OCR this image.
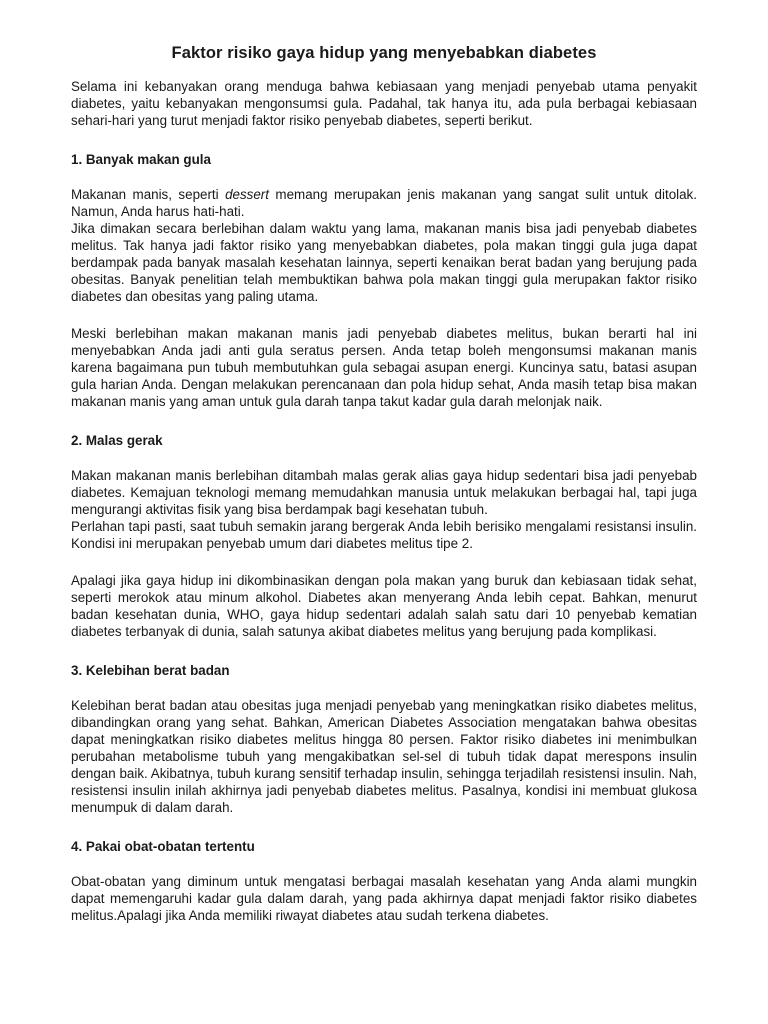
Faktor risiko gaya hidup yang menyebabkan diabetes

Selama ini kebanyakan orang menduga bahwa kebiasaan yang menjadi penyebab utama penyakit diabetes, yaitu kebanyakan mengonsumsi gula. Padahal, tak hanya itu, ada pula berbagai kebiasaan sehari-hari yang turut menjadi faktor risiko penyebab diabetes, seperti berikut.

1. Banyak makan gula

Makanan manis, seperti dessert memang merupakan jenis makanan yang sangat sulit untuk ditolak. Namun, Anda harus hati-hati.

Jika dimakan secara berlebihan dalam waktu yang lama, makanan manis bisa jadi penyebab diabetes melitus. Tak hanya jadi faktor risiko yang menyebabkan diabetes, pola makan tinggi gula juga dapat berdampak pada banyak masalah kesehatan lainnya, seperti kenaikan berat badan yang berujung pada obesitas. Banyak penelitian telah membuktikan bahwa pola makan tinggi gula merupakan faktor risiko diabetes dan obesitas yang paling utama.

Meski berlebihan makan makanan manis jadi penyebab diabetes melitus, bukan berarti hal ini menyebabkan Anda jadi anti gula seratus persen. Anda tetap boleh mengonsumsi makanan manis karena bagaimana pun tubuh membutuhkan gula sebagai asupan energi. Kuncinya satu, batasi asupan gula harian Anda. Dengan melakukan perencanaan dan pola hidup sehat, Anda masih tetap bisa makan makanan manis yang aman untuk gula darah tanpa takut kadar gula darah melonjak naik.

2. Malas gerak

Makan makanan manis berlebihan ditambah malas gerak alias gaya hidup sedentari bisa jadi penyebab diabetes. Kemajuan teknologi memang memudahkan manusia untuk melakukan berbagai hal, tapi juga mengurangi aktivitas fisik yang bisa berdampak bagi kesehatan tubuh.

Perlahan tapi pasti, saat tubuh semakin jarang bergerak Anda lebih berisiko mengalami resistansi insulin. Kondisi ini merupakan penyebab umum dari diabetes melitus tipe 2.

Apalagi jika gaya hidup ini dikombinasikan dengan pola makan yang buruk dan kebiasaan tidak sehat, seperti merokok atau minum alkohol. Diabetes akan menyerang Anda lebih cepat. Bahkan, menurut badan kesehatan dunia, WHO, gaya hidup sedentari adalah salah satu dari 10 penyebab kematian diabetes terbanyak di dunia, salah satunya akibat diabetes melitus yang berujung pada komplikasi.

3. Kelebihan berat badan

Kelebihan berat badan atau obesitas juga menjadi penyebab yang meningkatkan risiko diabetes melitus, dibandingkan orang yang sehat. Bahkan, American Diabetes Association mengatakan bahwa obesitas dapat meningkatkan risiko diabetes melitus hingga 80 persen. Faktor risiko diabetes ini menimbulkan perubahan metabolisme tubuh yang mengakibatkan sel-sel di tubuh tidak dapat merespons insulin dengan baik. Akibatnya, tubuh kurang sensitif terhadap insulin, sehingga terjadilah resistensi insulin. Nah, resistensi insulin inilah akhirnya jadi penyebab diabetes melitus. Pasalnya, kondisi ini membuat glukosa menumpuk di dalam darah.

4. Pakai obat-obatan tertentu

Obat-obatan yang diminum untuk mengatasi berbagai masalah kesehatan yang Anda alami mungkin dapat memengaruhi kadar gula dalam darah, yang pada akhirnya dapat menjadi faktor risiko diabetes melitus.Apalagi jika Anda memiliki riwayat diabetes atau sudah terkena diabetes.
